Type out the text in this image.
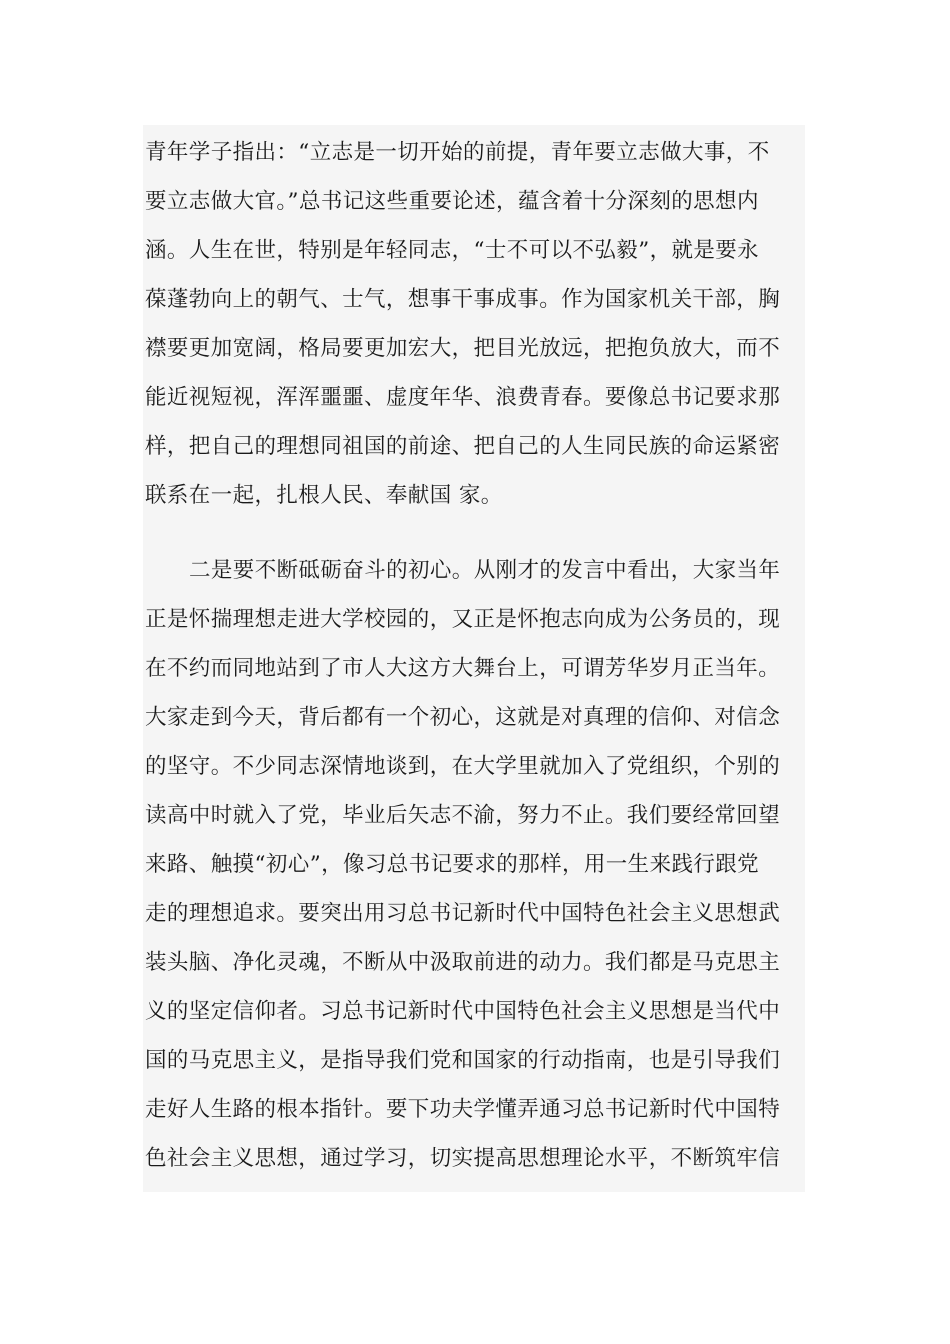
青年学子指出：“立志是一切开始的前提，青年要立志做大事，不
要立志做大官。”总书记这些重要论述，蕴含着十分深刻的思想内
涵。人生在世，特别是年轻同志，“士不可以不弘毅”，就是要永
葆蓬勃向上的朝气、士气，想事干事成事。作为国家机关干部，胸
襟要更加宽阔，格局要更加宏大，把目光放远，把抱负放大，而不
能近视短视，浑浑噩噩、虚度年华、浪费青春。要像总书记要求那
样，把自己的理想同祖国的前途、把自己的人生同民族的命运紧密
联系在一起，扎根人民、奉献国 家。
二是要不断砥砺奋斗的初心。从刚才的发言中看出，大家当年
正是怀揣理想走进大学校园的，又正是怀抱志向成为公务员的，现
在不约而同地站到了市人大这方大舞台上，可谓芳华岁月正当年。
大家走到今天，背后都有一个初心，这就是对真理的信仰、对信念
的坚守。不少同志深情地谈到，在大学里就加入了党组织，个别的
读高中时就入了党，毕业后矢志不渝，努力不止。我们要经常回望
来路、触摸“初心”，像习总书记要求的那样，用一生来践行跟党
走的理想追求。要突出用习总书记新时代中国特色社会主义思想武
装头脑、净化灵魂，不断从中汲取前进的动力。我们都是马克思主
义的坚定信仰者。习总书记新时代中国特色社会主义思想是当代中
国的马克思主义，是指导我们党和国家的行动指南，也是引导我们
走好人生路的根本指针。要下功夫学懂弄通习总书记新时代中国特
色社会主义思想，通过学习，切实提高思想理论水平，不断筑牢信
